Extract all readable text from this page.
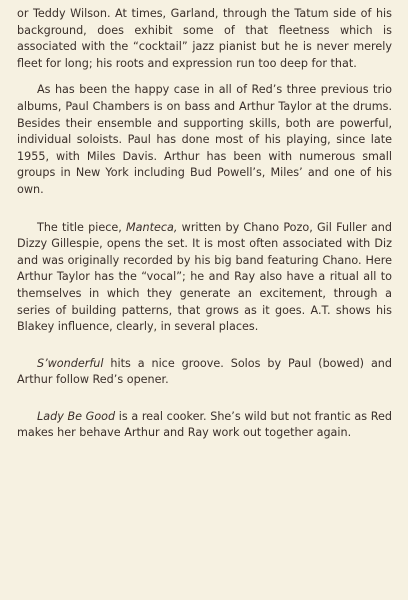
or Teddy Wilson. At times, Garland, through the Tatum side of his background, does exhibit some of that fleetness which is associated with the “cocktail” jazz pianist but he is never merely fleet for long; his roots and expression run too deep for that.

As has been the happy case in all of Red’s three previous trio albums, Paul Chambers is on bass and Arthur Taylor at the drums. Besides their ensemble and supporting skills, both are powerful, individual soloists. Paul has done most of his playing, since late 1955, with Miles Davis. Arthur has been with numerous small groups in New York including Bud Powell’s, Miles’ and one of his own.

The title piece, Manteca, written by Chano Pozo, Gil Fuller and Dizzy Gillespie, opens the set. It is most often associated with Diz and was originally recorded by his big band featuring Chano. Here Arthur Taylor has the “vocal”; he and Ray also have a ritual all to themselves in which they generate an excitement, through a series of building patterns, that grows as it goes. A.T. shows his Blakey influence, clearly, in several places.

S’wonderful hits a nice groove. Solos by Paul (bowed) and Arthur follow Red’s opener.

Lady Be Good is a real cooker. She’s wild but not frantic as Red makes her behave Arthur and Ray work out together again.
